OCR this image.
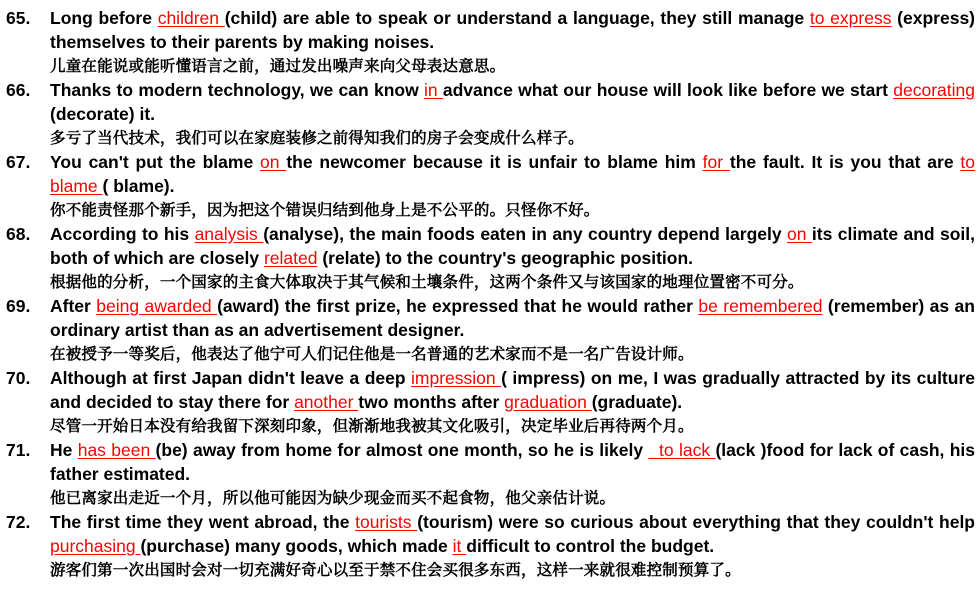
65. Long before children (child) are able to speak or understand a language, they still manage to express (express) themselves to their parents by making noises.

儿童在能说或能听懂语言之前，通过发出噪声来向父母表达意思。

66. Thanks to modern technology, we can know in advance what our house will look like before we start decorating (decorate) it.

多亏了当代技术，我们可以在家庭装修之前得知我们的房子会变成什么样子。

67. You can't put the blame on the newcomer because it is unfair to blame him for the fault. It is you that are to blame ( blame).

你不能责怪那个新手，因为把这个错误归结到他身上是不公平的。只怪你不好。

68. According to his analysis (analyse), the main foods eaten in any country depend largely on its climate and soil, both of which are closely related (relate) to the country's geographic position.

根据他的分析，一个国家的主食大体取决于其气候和土壤条件，这两个条件又与该国家的地理位置密不可分。

69. After being awarded (award) the first prize, he expressed that he would rather be remembered (remember) as an ordinary artist than as an advertisement designer.

在被授予一等奖后，他表达了他宁可人们记住他是一名普通的艺术家而不是一名广告设计师。

70. Although at first Japan didn't leave a deep impression ( impress) on me, I was gradually attracted by its culture and decided to stay there for another two months after graduation (graduate).

尽管一开始日本没有给我留下深刻印象，但渐渐地我被其文化吸引，决定毕业后再待两个月。

71. He has been (be) away from home for almost one month, so he is likely   to lack (lack )food for lack of cash, his father estimated.

他已离家出走近一个月，所以他可能因为缺少现金而买不起食物，他父亲估计说。

72. The first time they went abroad, the tourists (tourism) were so curious about everything that they couldn't help purchasing (purchase) many goods, which made it difficult to control the budget.

游客们第一次出国时会对一切充满好奇心以至于禁不住会买很多东西，这样一来就很难控制预算了。
